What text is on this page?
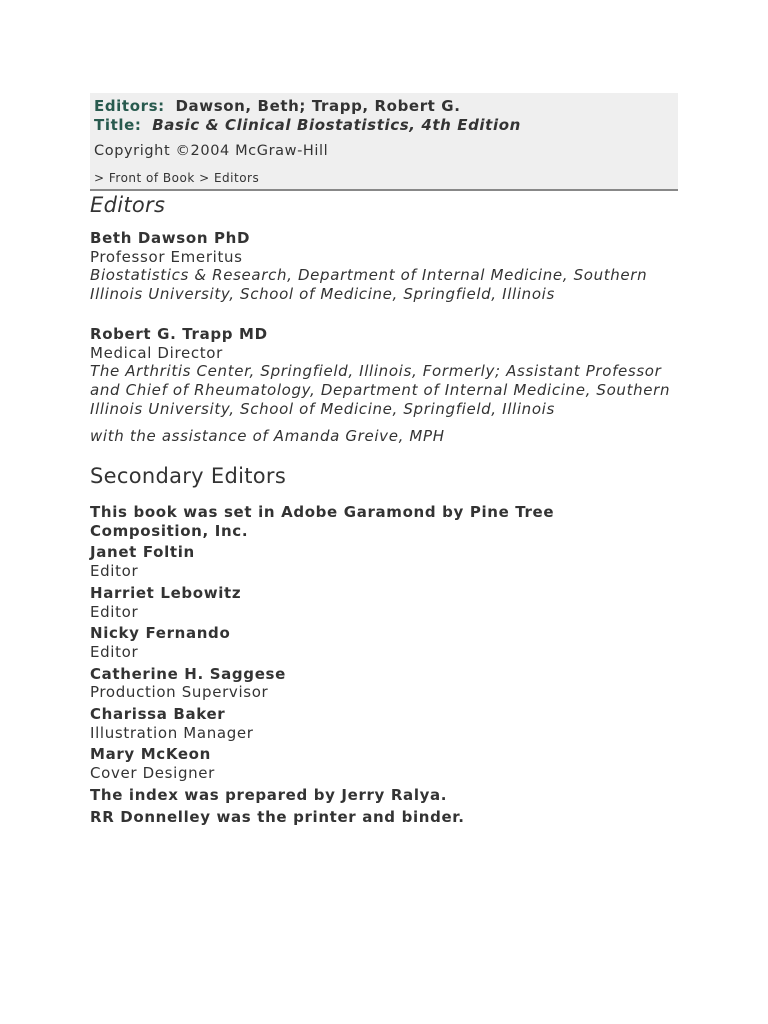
Editors: Dawson, Beth; Trapp, Robert G.
Title: Basic & Clinical Biostatistics, 4th Edition
Copyright ©2004 McGraw-Hill
> Front of Book > Editors
Editors
Beth Dawson PhD
Professor Emeritus
Biostatistics & Research, Department of Internal Medicine, Southern Illinois University, School of Medicine, Springfield, Illinois
Robert G. Trapp MD
Medical Director
The Arthritis Center, Springfield, Illinois, Formerly; Assistant Professor and Chief of Rheumatology, Department of Internal Medicine, Southern Illinois University, School of Medicine, Springfield, Illinois
with the assistance of Amanda Greive, MPH
Secondary Editors
This book was set in Adobe Garamond by Pine Tree Composition, Inc.
Janet Foltin
Editor
Harriet Lebowitz
Editor
Nicky Fernando
Editor
Catherine H. Saggese
Production Supervisor
Charissa Baker
Illustration Manager
Mary McKeon
Cover Designer
The index was prepared by Jerry Ralya.
RR Donnelley was the printer and binder.
